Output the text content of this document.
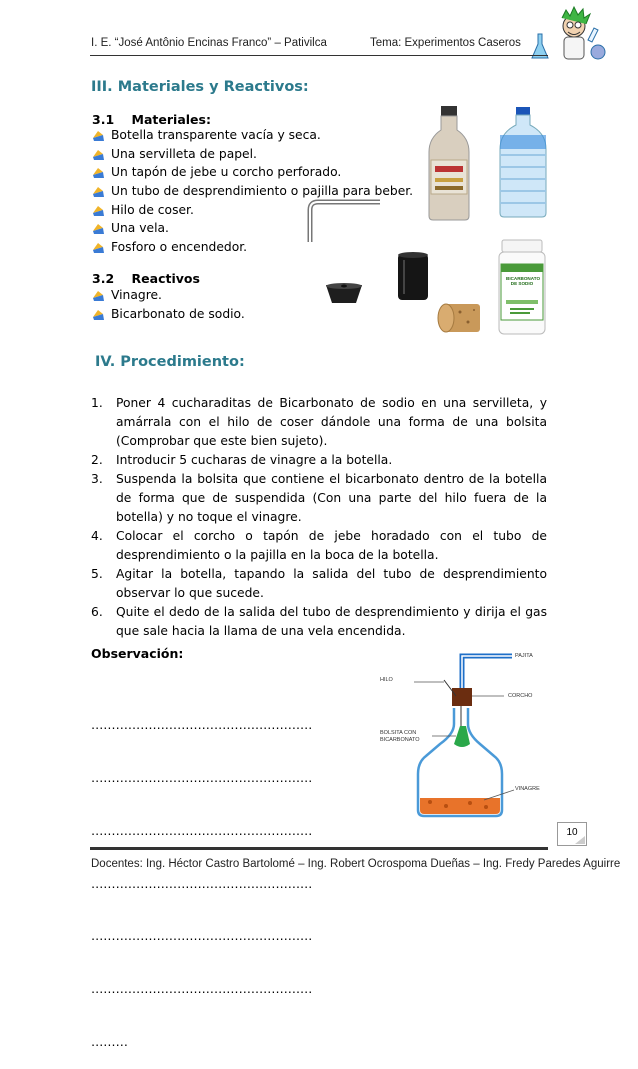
I. E. “José Antônio Encinas Franco” – Pativilca	Tema: Experimentos Caseros
III. Materiales y Reactivos:
3.1    Materiales:
Botella transparente vacía y seca.
Una servilleta de papel.
Un tapón de jebe u corcho perforado.
Un tubo de desprendimiento o pajilla para beber.
Hilo de coser.
Una vela.
Fosforo o encendedor.
3.2    Reactivos
Vinagre.
Bicarbonato de sodio.
BICARBONATO DE SODIO
IV. Procedimiento:
1.	Poner 4 cucharaditas de Bicarbonato de sodio en una servilleta, y amárrala con el hilo de coser dándole una forma de una bolsita (Comprobar que este bien sujeto).
2.	Introducir 5 cucharas de vinagre a la botella.
3.	Suspenda la bolsita que contiene el bicarbonato dentro de la botella de forma que de suspendida (Con una parte del hilo fuera de la botella) y no toque el vinagre.
4.	Colocar el corcho o tapón de jebe horadado con el tubo de desprendimiento o la pajilla en la boca de la botella.
5.	Agitar la botella, tapando la salida del tubo de desprendimiento observar lo que sucede.
6.	Quite el dedo de la salida del tubo de desprendimiento y dirija el gas que sale hacia la llama de una vela encendida.
Observación:

………………………………………………

………………………………………………

………………………………………………

………………………………………………

………………………………………………

………………………………………………

………

PAJITA
HILO
CORCHO
BOLSITA CON BICARBONATO
VINAGRE
10
Docentes: Ing. Héctor Castro Bartolomé – Ing. Robert Ocrospoma Dueñas – Ing. Fredy Paredes Aguirre
